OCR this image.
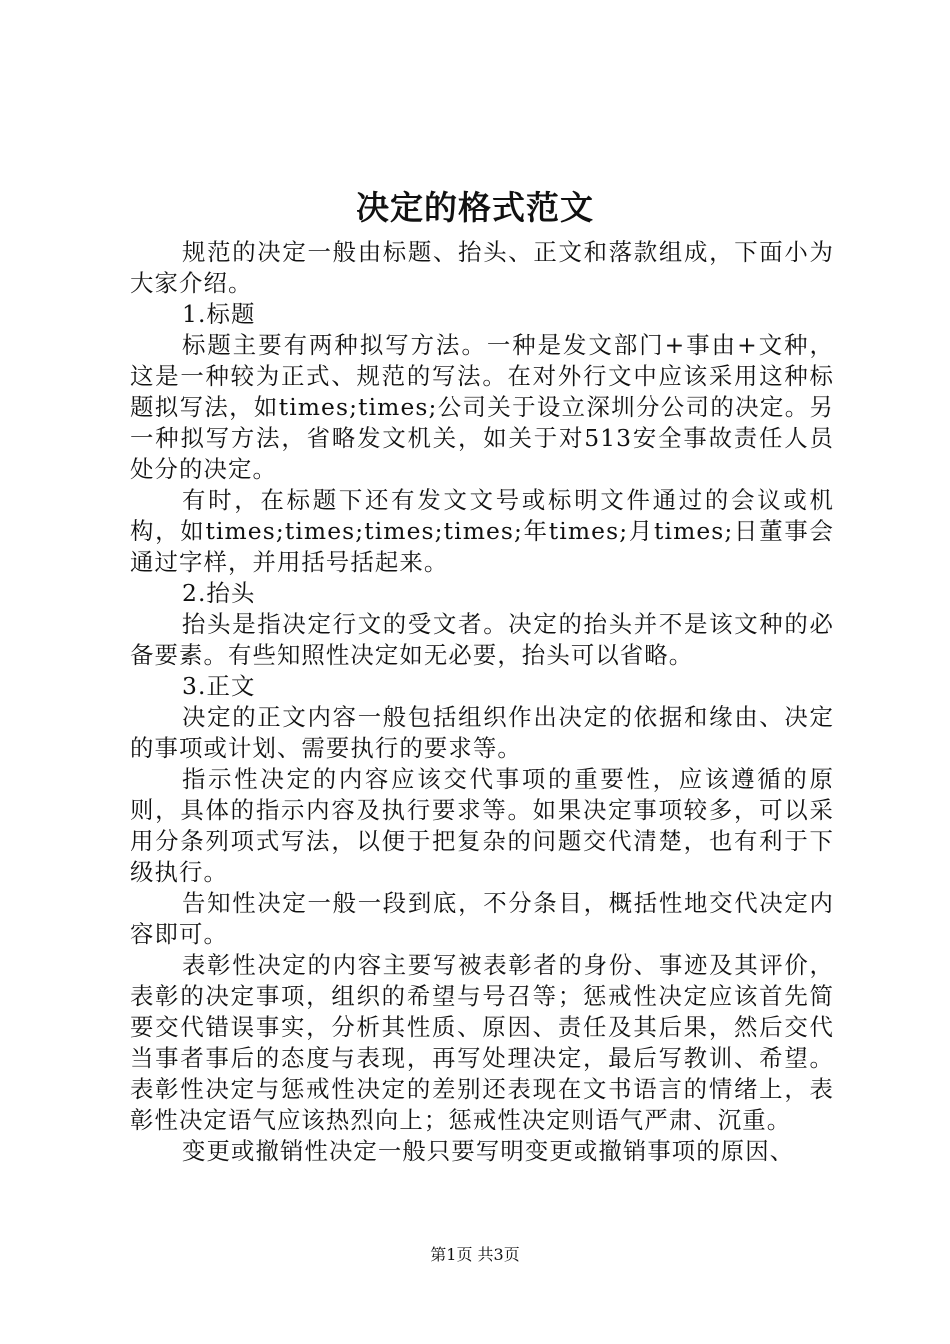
决定的格式范文

规范的决定一般由标题、抬头、正文和落款组成，下面小为大家介绍。

1.标题

标题主要有两种拟写方法。一种是发文部门+事由+文种，这是一种较为正式、规范的写法。在对外行文中应该采用这种标题拟写法，如times;times;公司关于设立深圳分公司的决定。另一种拟写方法，省略发文机关，如关于对513安全事故责任人员处分的决定。

有时，在标题下还有发文文号或标明文件通过的会议或机构，如times;times;times;times;年times;月times;日董事会通过字样，并用括号括起来。

2.抬头

抬头是指决定行文的受文者。决定的抬头并不是该文种的必备要素。有些知照性决定如无必要，抬头可以省略。

3.正文

决定的正文内容一般包括组织作出决定的依据和缘由、决定的事项或计划、需要执行的要求等。

指示性决定的内容应该交代事项的重要性，应该遵循的原则，具体的指示内容及执行要求等。如果决定事项较多，可以采用分条列项式写法，以便于把复杂的问题交代清楚，也有利于下级执行。

告知性决定一般一段到底，不分条目，概括性地交代决定内容即可。

表彰性决定的内容主要写被表彰者的身份、事迹及其评价，表彰的决定事项，组织的希望与号召等；惩戒性决定应该首先简要交代错误事实，分析其性质、原因、责任及其后果，然后交代当事者事后的态度与表现，再写处理决定，最后写教训、希望。表彰性决定与惩戒性决定的差别还表现在文书语言的情绪上，表彰性决定语气应该热烈向上；惩戒性决定则语气严肃、沉重。

变更或撤销性决定一般只要写明变更或撤销事项的原因、

第1页 共3页
